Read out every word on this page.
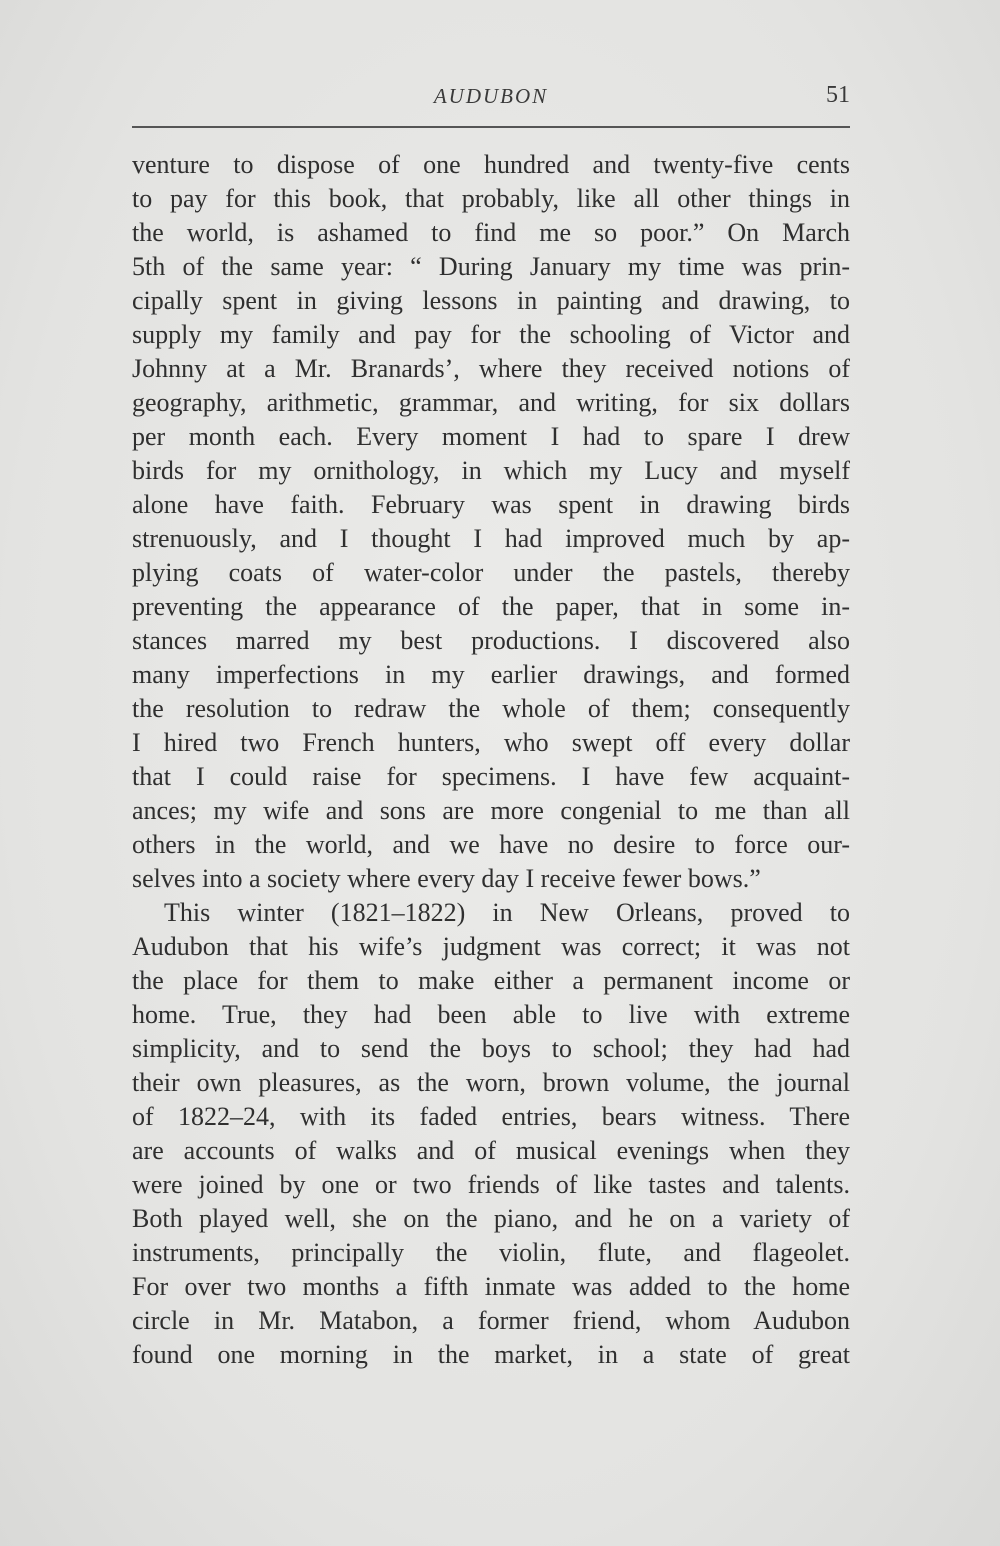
AUDUBON	51
venture to dispose of one hundred and twenty-five cents
to pay for this book, that probably, like all other things in
the world, is ashamed to find me so poor.” On March
5th of the same year: “ During January my time was prin-
cipally spent in giving lessons in painting and drawing, to
supply my family and pay for the schooling of Victor and
Johnny at a Mr. Branards’, where they received notions of
geography, arithmetic, grammar, and writing, for six dollars
per month each. Every moment I had to spare I drew
birds for my ornithology, in which my Lucy and myself
alone have faith. February was spent in drawing birds
strenuously, and I thought I had improved much by ap-
plying coats of water-color under the pastels, thereby
preventing the appearance of the paper, that in some in-
stances marred my best productions. I discovered also
many imperfections in my earlier drawings, and formed
the resolution to redraw the whole of them; consequently
I hired two French hunters, who swept off every dollar
that I could raise for specimens. I have few acquaint-
ances; my wife and sons are more congenial to me than all
others in the world, and we have no desire to force our-
selves into a society where every day I receive fewer bows.”
This winter (1821–1822) in New Orleans, proved to
Audubon that his wife’s judgment was correct; it was not
the place for them to make either a permanent income or
home. True, they had been able to live with extreme
simplicity, and to send the boys to school; they had had
their own pleasures, as the worn, brown volume, the journal
of 1822–24, with its faded entries, bears witness. There
are accounts of walks and of musical evenings when they
were joined by one or two friends of like tastes and talents.
Both played well, she on the piano, and he on a variety of
instruments, principally the violin, flute, and flageolet.
For over two months a fifth inmate was added to the home
circle in Mr. Matabon, a former friend, whom Audubon
found one morning in the market, in a state of great
